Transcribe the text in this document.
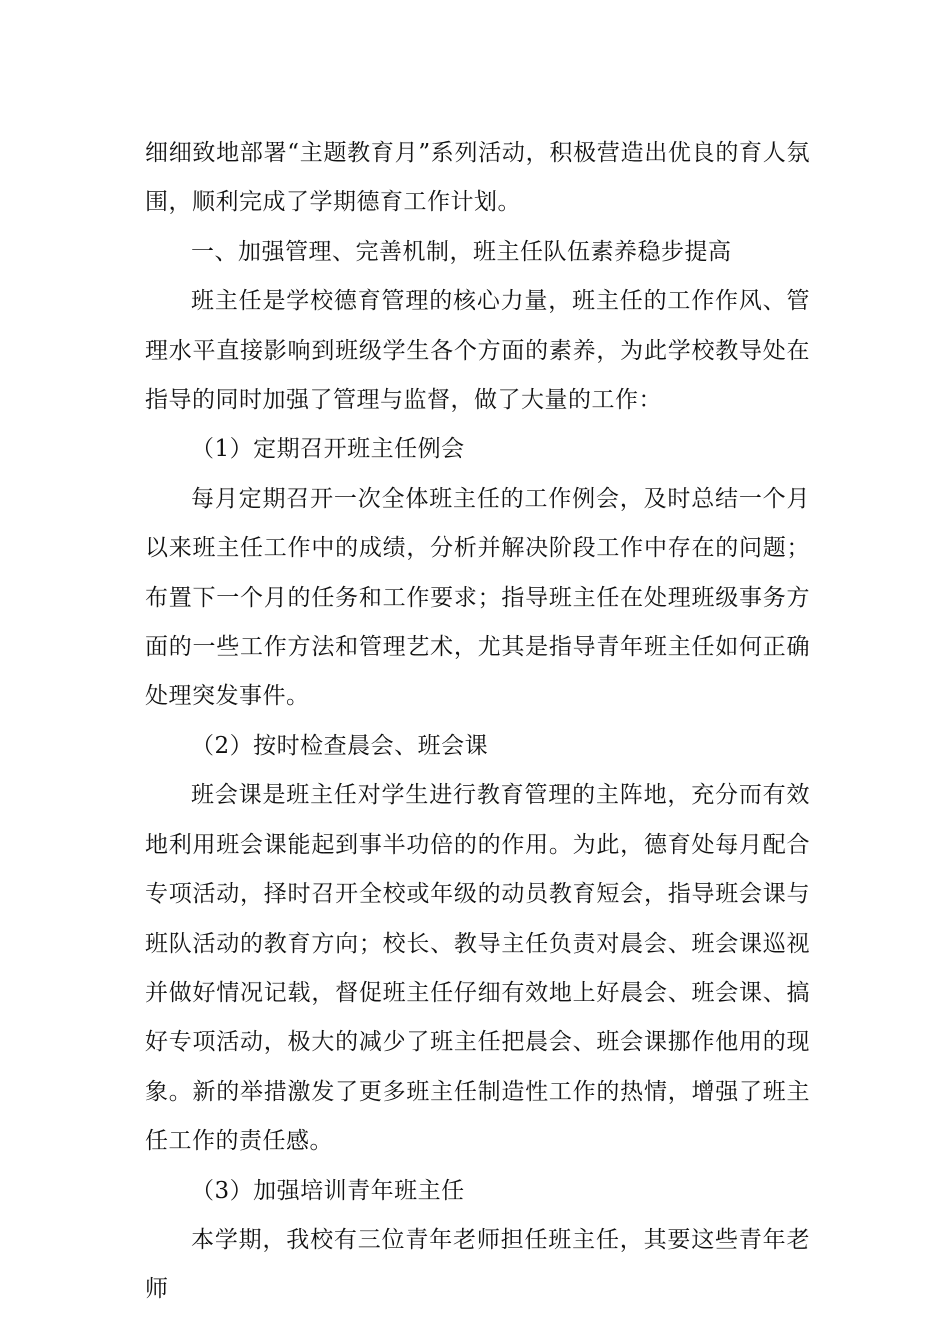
细细致地部署“主题教育月”系列活动，积极营造出优良的育人氛围，顺利完成了学期德育工作计划。

一、加强管理、完善机制，班主任队伍素养稳步提高

班主任是学校德育管理的核心力量，班主任的工作作风、管理水平直接影响到班级学生各个方面的素养，为此学校教导处在指导的同时加强了管理与监督，做了大量的工作：

（1）定期召开班主任例会

每月定期召开一次全体班主任的工作例会，及时总结一个月以来班主任工作中的成绩，分析并解决阶段工作中存在的问题；布置下一个月的任务和工作要求；指导班主任在处理班级事务方面的一些工作方法和管理艺术，尤其是指导青年班主任如何正确处理突发事件。

（2）按时检查晨会、班会课

班会课是班主任对学生进行教育管理的主阵地，充分而有效地利用班会课能起到事半功倍的的作用。为此，德育处每月配合专项活动，择时召开全校或年级的动员教育短会，指导班会课与班队活动的教育方向；校长、教导主任负责对晨会、班会课巡视并做好情况记载，督促班主任仔细有效地上好晨会、班会课、搞好专项活动，极大的减少了班主任把晨会、班会课挪作他用的现象。新的举措激发了更多班主任制造性工作的热情，增强了班主任工作的责任感。

（3）加强培训青年班主任

本学期，我校有三位青年老师担任班主任，其要这些青年老师
